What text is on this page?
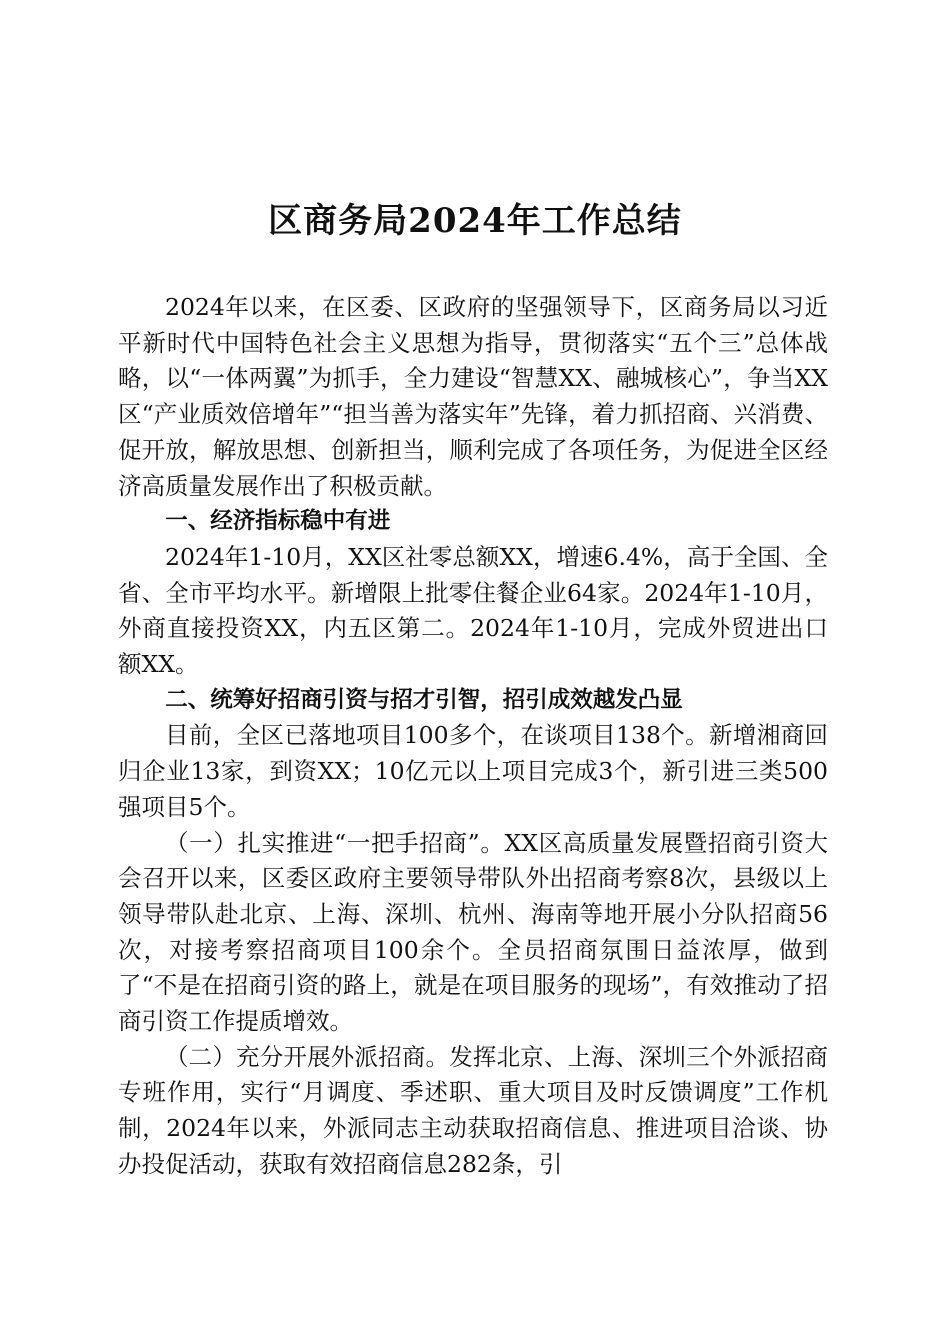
区商务局2024年工作总结

2024年以来，在区委、区政府的坚强领导下，区商务局以习近平新时代中国特色社会主义思想为指导，贯彻落实“五个三”总体战略，以“一体两翼”为抓手，全力建设“智慧XX、融城核心”，争当XX区“产业质效倍增年”“担当善为落实年”先锋，着力抓招商、兴消费、促开放，解放思想、创新担当，顺利完成了各项任务，为促进全区经济高质量发展作出了积极贡献。

一、经济指标稳中有进

2024年1-10月，XX区社零总额XX，增速6.4%，高于全国、全省、全市平均水平。新增限上批零住餐企业64家。2024年1-10月，外商直接投资XX，内五区第二。2024年1-10月，完成外贸进出口额XX。

二、统筹好招商引资与招才引智，招引成效越发凸显

目前，全区已落地项目100多个，在谈项目138个。新增湘商回归企业13家，到资XX；10亿元以上项目完成3个，新引进三类500强项目5个。

（一）扎实推进“一把手招商”。XX区高质量发展暨招商引资大会召开以来，区委区政府主要领导带队外出招商考察8次，县级以上领导带队赴北京、上海、深圳、杭州、海南等地开展小分队招商56次，对接考察招商项目100余个。全员招商氛围日益浓厚，做到了“不是在招商引资的路上，就是在项目服务的现场”，有效推动了招商引资工作提质增效。

（二）充分开展外派招商。发挥北京、上海、深圳三个外派招商专班作用，实行“月调度、季述职、重大项目及时反馈调度”工作机制，2024年以来，外派同志主动获取招商信息、推进项目洽谈、协办投促活动，获取有效招商信息282条，引
